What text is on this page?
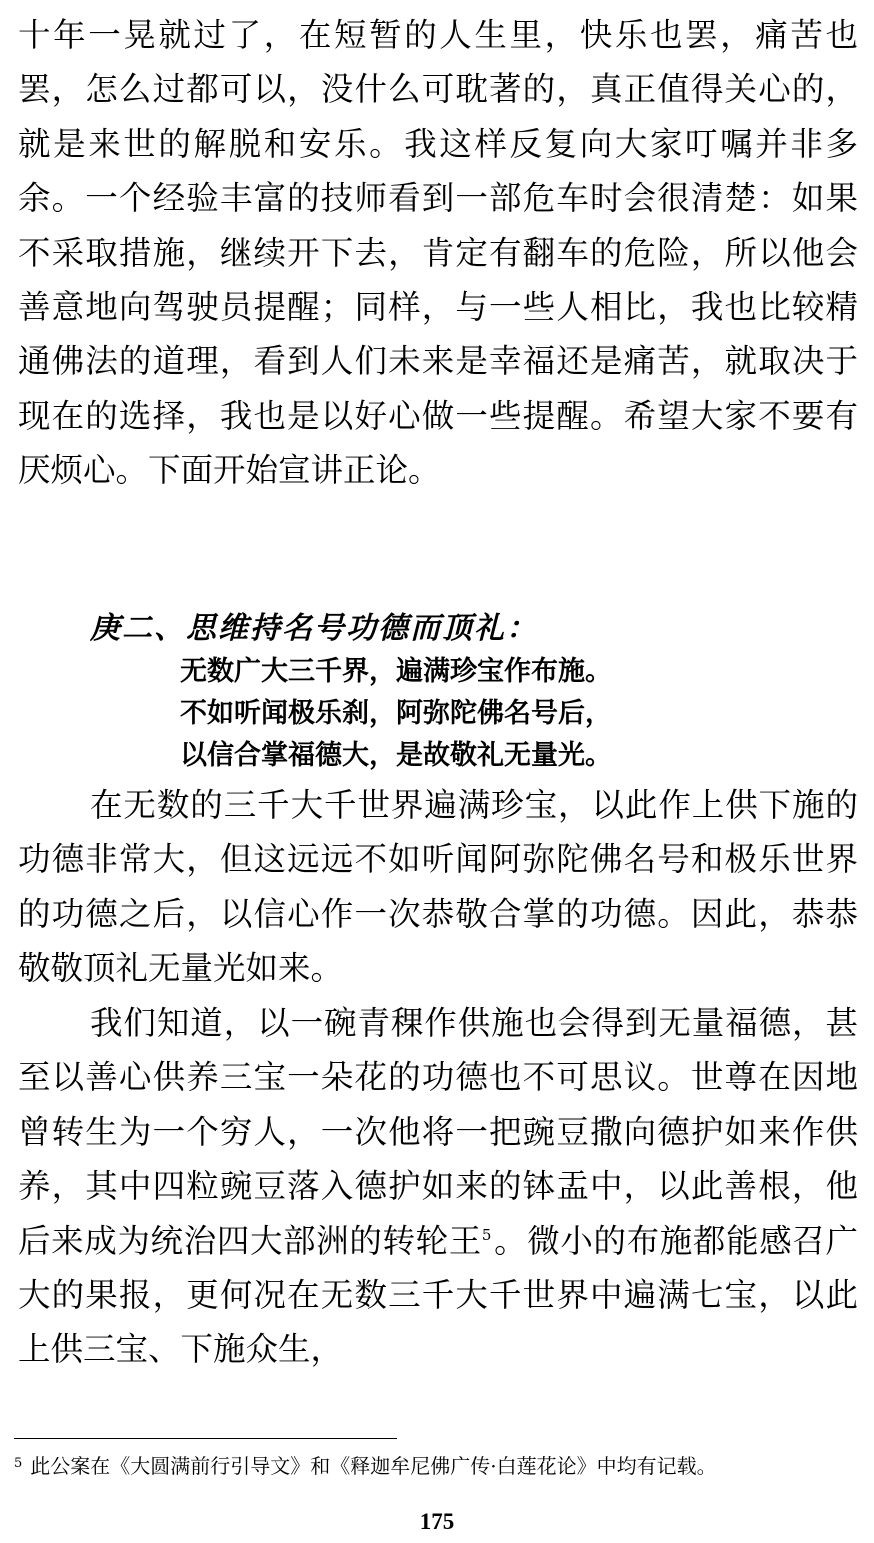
十年一晃就过了，在短暂的人生里，快乐也罢，痛苦也罢，怎么过都可以，没什么可耽著的，真正值得关心的，就是来世的解脱和安乐。我这样反复向大家叮嘱并非多余。一个经验丰富的技师看到一部危车时会很清楚：如果不采取措施，继续开下去，肯定有翻车的危险，所以他会善意地向驾驶员提醒；同样，与一些人相比，我也比较精通佛法的道理，看到人们未来是幸福还是痛苦，就取决于现在的选择，我也是以好心做一些提醒。希望大家不要有厌烦心。下面开始宣讲正论。

庚二、思维持名号功德而顶礼：

无数广大三千界，遍满珍宝作布施。
不如听闻极乐刹，阿弥陀佛名号后，
以信合掌福德大，是故敬礼无量光。

在无数的三千大千世界遍满珍宝，以此作上供下施的功德非常大，但这远远不如听闻阿弥陀佛名号和极乐世界的功德之后，以信心作一次恭敬合掌的功德。因此，恭恭敬敬顶礼无量光如来。

我们知道，以一碗青稞作供施也会得到无量福德，甚至以善心供养三宝一朵花的功德也不可思议。世尊在因地曾转生为一个穷人，一次他将一把豌豆撒向德护如来作供养，其中四粒豌豆落入德护如来的钵盂中，以此善根，他后来成为统治四大部洲的转轮王$^5$。微小的布施都能感召广大的果报，更何况在无数三千大千世界中遍满七宝，以此上供三宝、下施众生，

$^5$ 此公案在《大圆满前行引导文》和《释迦牟尼佛广传·白莲花论》中均有记载。

175
